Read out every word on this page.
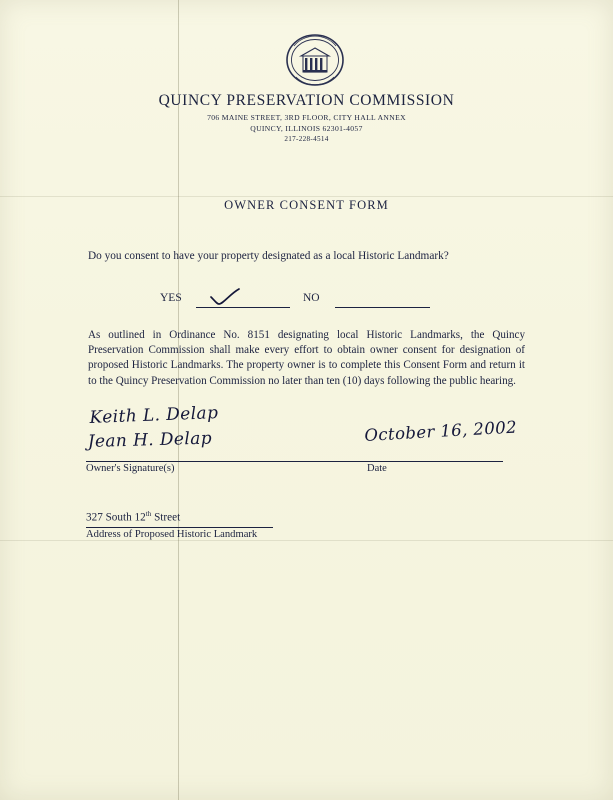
QUINCY PRESERVATION COMMISSION
706 MAINE STREET, 3RD FLOOR, CITY HALL ANNEX
QUINCY, ILLINOIS 62301-4057
217-228-4514
OWNER CONSENT FORM
Do you consent to have your property designated as a local Historic Landmark?
YES	NO
As outlined in Ordinance No. 8151 designating local Historic Landmarks, the Quincy Preservation Commission shall make every effort to obtain owner consent for designation of proposed Historic Landmarks. The property owner is to complete this Consent Form and return it to the Quincy Preservation Commission no later than ten (10) days following the public hearing.
Keith L. Delap
Jean H. Delap
Owner's Signature(s)
October 16, 2002
Date
327 South 12th Street
Address of Proposed Historic Landmark
